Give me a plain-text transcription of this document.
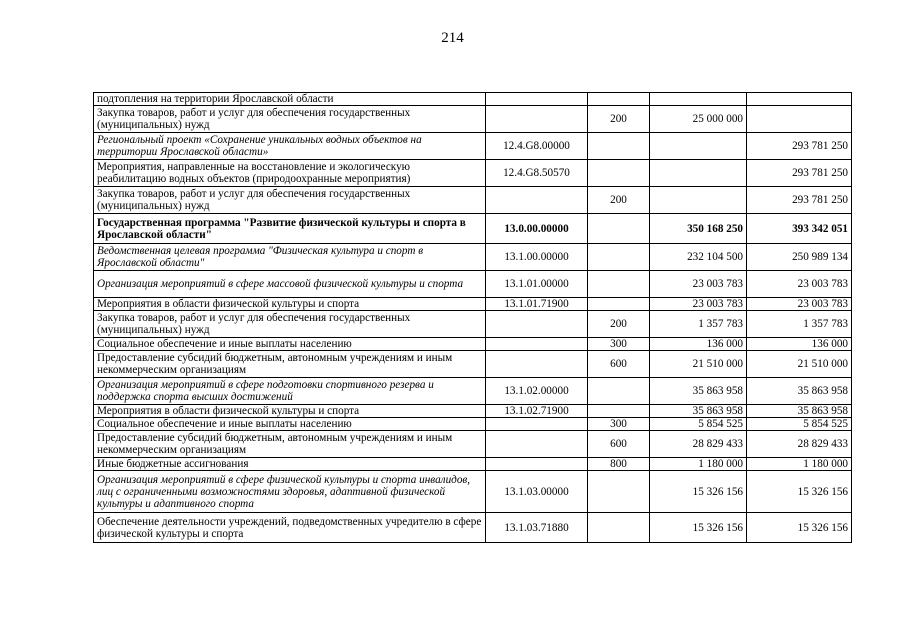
214
подтопления на территории Ярославской области				
Закупка товаров, работ и услуг для обеспечения государственных (муниципальных) нужд		200	25 000 000	
Региональный проект «Сохранение уникальных водных объектов на территории Ярославской области»	12.4.G8.00000			293 781 250
Мероприятия, направленные на восстановление и экологическую реабилитацию водных объектов (природоохранные мероприятия)	12.4.G8.50570			293 781 250
Закупка товаров, работ и услуг для обеспечения государственных (муниципальных) нужд		200		293 781 250
Государственная программа "Развитие физической культуры и спорта в Ярославской области"	13.0.00.00000		350 168 250	393 342 051
Ведомственная целевая программа "Физическая культура и спорт в Ярославской области"	13.1.00.00000		232 104 500	250 989 134
Организация мероприятий в сфере массовой физической культуры и спорта	13.1.01.00000		23 003 783	23 003 783
Мероприятия в области физической культуры и спорта	13.1.01.71900		23 003 783	23 003 783
Закупка товаров, работ и услуг для обеспечения государственных (муниципальных) нужд		200	1 357 783	1 357 783
Социальное обеспечение и иные выплаты населению		300	136 000	136 000
Предоставление субсидий бюджетным, автономным учреждениям и иным некоммерческим организациям		600	21 510 000	21 510 000
Организация мероприятий в сфере подготовки спортивного резерва и поддержка спорта высших достижений	13.1.02.00000		35 863 958	35 863 958
Мероприятия в области физической культуры и спорта	13.1.02.71900		35 863 958	35 863 958
Социальное обеспечение и иные выплаты населению		300	5 854 525	5 854 525
Предоставление субсидий бюджетным, автономным учреждениям и иным некоммерческим организациям		600	28 829 433	28 829 433
Иные бюджетные ассигнования		800	1 180 000	1 180 000
Организация мероприятий в сфере физической культуры и спорта инвалидов, лиц с ограниченными возможностями здоровья, адаптивной физической культуры и адаптивного спорта	13.1.03.00000		15 326 156	15 326 156
Обеспечение деятельности учреждений, подведомственных учредителю в сфере физической культуры и спорта	13.1.03.71880		15 326 156	15 326 156
